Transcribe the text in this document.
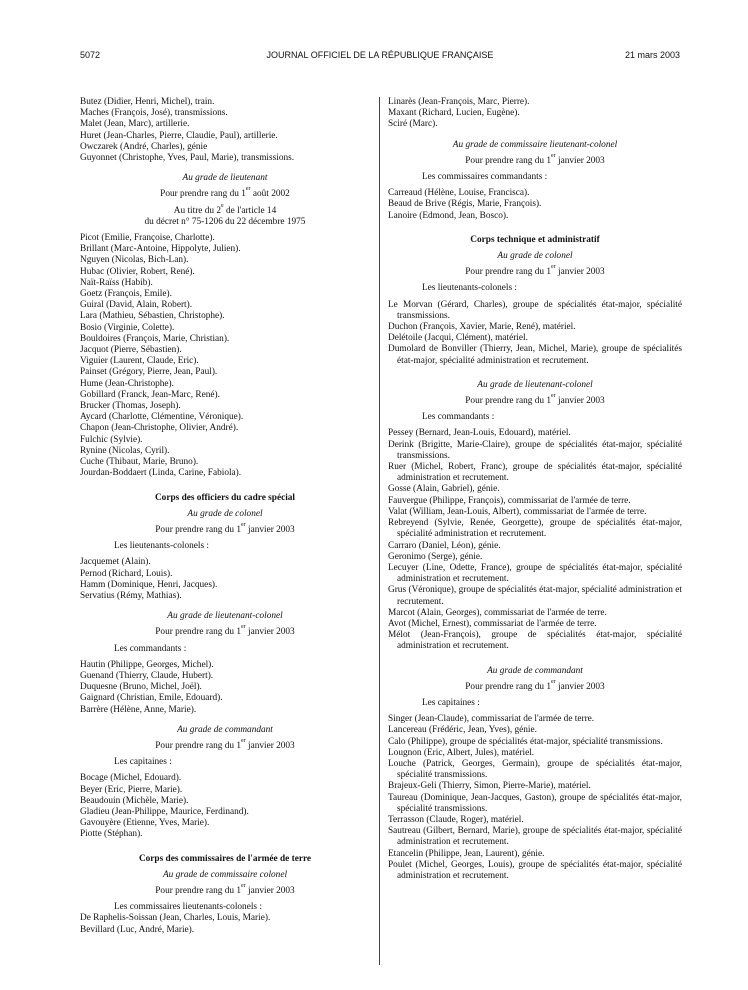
JOURNAL OFFICIEL DE LA RÉPUBLIQUE FRANÇAISE
5072	21 mars 2003
Butez (Didier, Henri, Michel), train.
Maches (François, José), transmissions.
Malet (Jean, Marc), artillerie.
Huret (Jean-Charles, Pierre, Claudie, Paul), artillerie.
Owczarek (André, Charles), génie
Guyonnet (Christophe, Yves, Paul, Marie), transmissions.
Au grade de lieutenant
Pour prendre rang du 1er août 2002
Au titre du 2e de l'article 14
du décret n° 75-1206 du 22 décembre 1975
Picot (Emilie, Françoise, Charlotte).
Brillant (Marc-Antoine, Hippolyte, Julien).
Nguyen (Nicolas, Bich-Lan).
Hubac (Olivier, Robert, René).
Naït-Raïss (Habib).
Goetz (François, Emile).
Guiral (David, Alain, Robert).
Lara (Mathieu, Sébastien, Christophe).
Bosio (Virginie, Colette).
Bouldoires (François, Marie, Christian).
Jacquot (Pierre, Sébastien).
Viguier (Laurent, Claude, Eric).
Painset (Grégory, Pierre, Jean, Paul).
Hume (Jean-Christophe).
Gobillard (Franck, Jean-Marc, René).
Brucker (Thomas, Joseph).
Aycard (Charlotte, Clémentine, Véronique).
Chapon (Jean-Christophe, Olivier, André).
Fulchic (Sylvie).
Rynine (Nicolas, Cyril).
Cuche (Thibaut, Marie, Bruno).
Jourdan-Boddaert (Linda, Carine, Fabiola).
Corps des officiers du cadre spécial
Au grade de colonel
Pour prendre rang du 1er janvier 2003
Les lieutenants-colonels :
Jacquemet (Alain).
Pernod (Richard, Louis).
Hamm (Dominique, Henri, Jacques).
Servatius (Rémy, Mathias).
Au grade de lieutenant-colonel
Pour prendre rang du 1er janvier 2003
Les commandants :
Hautin (Philippe, Georges, Michel).
Guenand (Thierry, Claude, Hubert).
Duquesne (Bruno, Michel, Joël).
Gaignard (Christian, Emile, Edouard).
Barrère (Hélène, Anne, Marie).
Au grade de commandant
Pour prendre rang du 1er janvier 2003
Les capitaines :
Bocage (Michel, Edouard).
Beyer (Eric, Pierre, Marie).
Beaudouin (Michèle, Marie).
Gladieu (Jean-Philippe, Maurice, Ferdinand).
Gavouyère (Etienne, Yves, Marie).
Piotte (Stéphan).
Corps des commissaires de l'armée de terre
Au grade de commissaire colonel
Pour prendre rang du 1er janvier 2003
Les commissaires lieutenants-colonels :
De Raphelis-Soissan (Jean, Charles, Louis, Marie).
Bevillard (Luc, André, Marie).
Linarès (Jean-François, Marc, Pierre).
Maxant (Richard, Lucien, Eugène).
Sciré (Marc).
Au grade de commissaire lieutenant-colonel
Pour prendre rang du 1er janvier 2003
Les commissaires commandants :
Carreaud (Hélène, Louise, Francisca).
Beaud de Brive (Régis, Marie, François).
Lanoire (Edmond, Jean, Bosco).
Corps technique et administratif
Au grade de colonel
Pour prendre rang du 1er janvier 2003
Les lieutenants-colonels :
Le Morvan (Gérard, Charles), groupe de spécialités état-major, spécialité transmissions.
Duchon (François, Xavier, Marie, René), matériel.
Delétoile (Jacqui, Clément), matériel.
Dumolard de Bonviller (Thierry, Jean, Michel, Marie), groupe de spécialités état-major, spécialité administration et recrutement.
Au grade de lieutenant-colonel
Pour prendre rang du 1er janvier 2003
Les commandants :
Pessey (Bernard, Jean-Louis, Edouard), matériel.
Derink (Brigitte, Marie-Claire), groupe de spécialités état-major, spécialité transmissions.
Ruer (Michel, Robert, Franc), groupe de spécialités état-major, spécialité administration et recrutement.
Gosse (Alain, Gabriel), génie.
Fauvergue (Philippe, François), commissariat de l'armée de terre.
Valat (William, Jean-Louis, Albert), commissariat de l'armée de terre.
Rebreyend (Sylvie, Renée, Georgette), groupe de spécialités état-major, spécialité administration et recrutement.
Carraro (Daniel, Léon), génie.
Geronimo (Serge), génie.
Lecuyer (Line, Odette, France), groupe de spécialités état-major, spécialité administration et recrutement.
Grus (Véronique), groupe de spécialités état-major, spécialité administration et recrutement.
Marcot (Alain, Georges), commissariat de l'armée de terre.
Avot (Michel, Ernest), commissariat de l'armée de terre.
Mélot (Jean-François), groupe de spécialités état-major, spécialité administration et recrutement.
Au grade de commandant
Pour prendre rang du 1er janvier 2003
Les capitaines :
Singer (Jean-Claude), commissariat de l'armée de terre.
Lancereau (Frédéric, Jean, Yves), génie.
Calo (Philippe), groupe de spécialités état-major, spécialité transmissions.
Lougnon (Eric, Albert, Jules), matériel.
Louche (Patrick, Georges, Germain), groupe de spécialités état-major, spécialité transmissions.
Brajeux-Geli (Thierry, Simon, Pierre-Marie), matériel.
Taureau (Dominique, Jean-Jacques, Gaston), groupe de spécialités état-major, spécialité transmissions.
Terrasson (Claude, Roger), matériel.
Sautreau (Gilbert, Bernard, Marie), groupe de spécialités état-major, spécialité administration et recrutement.
Etancelin (Philippe, Jean, Laurent), génie.
Poulet (Michel, Georges, Louis), groupe de spécialités état-major, spécialité administration et recrutement.
